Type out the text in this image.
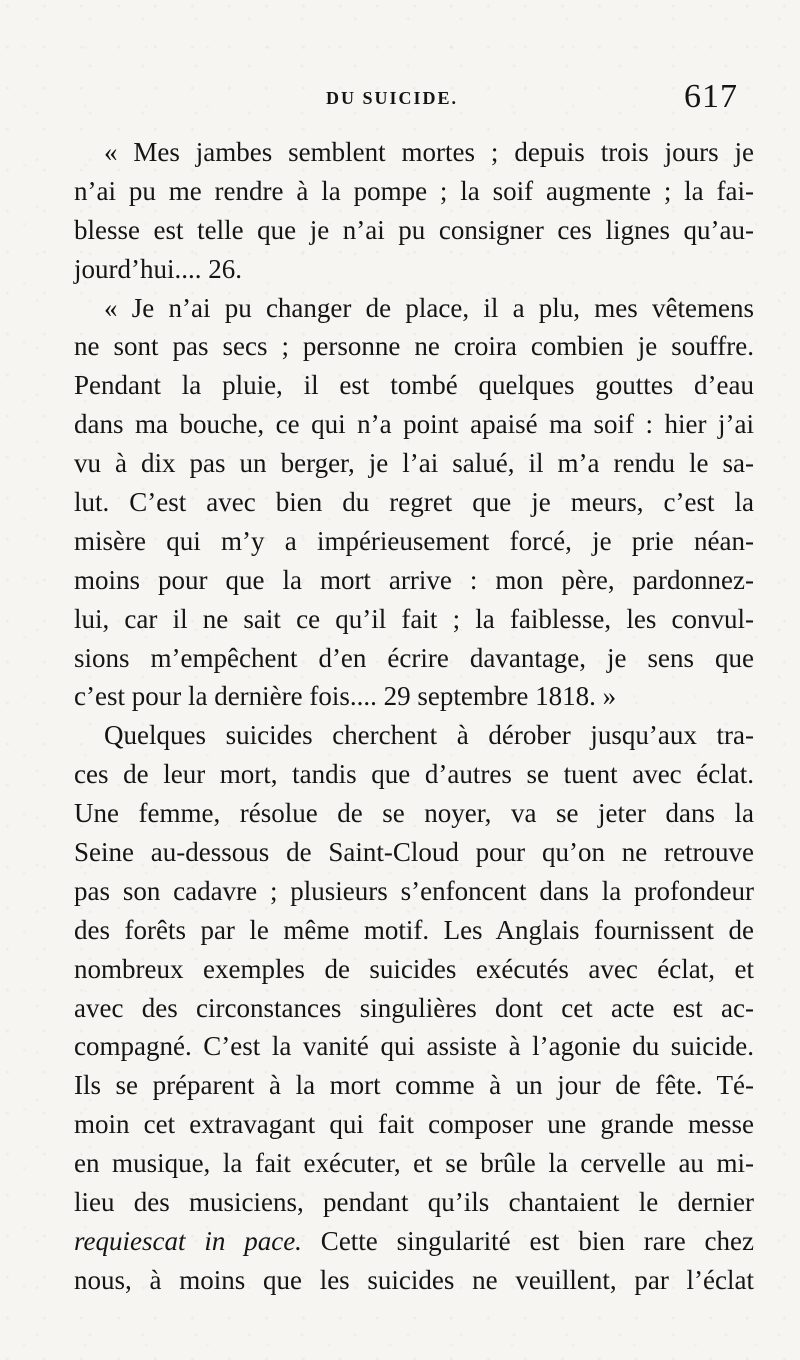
DU SUICIDE.	617
« Mes jambes semblent mortes ; depuis trois jours je
n’ai pu me rendre à la pompe ; la soif augmente ; la fai-
blesse est telle que je n’ai pu consigner ces lignes qu’au-
jourd’hui.... 26.
« Je n’ai pu changer de place, il a plu, mes vêtemens
ne sont pas secs ; personne ne croira combien je souffre.
Pendant la pluie, il est tombé quelques gouttes d’eau
dans ma bouche, ce qui n’a point apaisé ma soif : hier j’ai
vu à dix pas un berger, je l’ai salué, il m’a rendu le sa-
lut. C’est avec bien du regret que je meurs, c’est la
misère qui m’y a impérieusement forcé, je prie néan-
moins pour que la mort arrive : mon père, pardonnez-
lui, car il ne sait ce qu’il fait ; la faiblesse, les convul-
sions m’empêchent d’en écrire davantage, je sens que
c’est pour la dernière fois.... 29 septembre 1818. »
Quelques suicides cherchent à dérober jusqu’aux tra-
ces de leur mort, tandis que d’autres se tuent avec éclat.
Une femme, résolue de se noyer, va se jeter dans la
Seine au-dessous de Saint-Cloud pour qu’on ne retrouve
pas son cadavre ; plusieurs s’enfoncent dans la profondeur
des forêts par le même motif. Les Anglais fournissent de
nombreux exemples de suicides exécutés avec éclat, et
avec des circonstances singulières dont cet acte est ac-
compagné. C’est la vanité qui assiste à l’agonie du suicide.
Ils se préparent à la mort comme à un jour de fête. Té-
moin cet extravagant qui fait composer une grande messe
en musique, la fait exécuter, et se brûle la cervelle au mi-
lieu des musiciens, pendant qu’ils chantaient le dernier
requiescat in pace. Cette singularité est bien rare chez
nous, à moins que les suicides ne veuillent, par l’éclat
